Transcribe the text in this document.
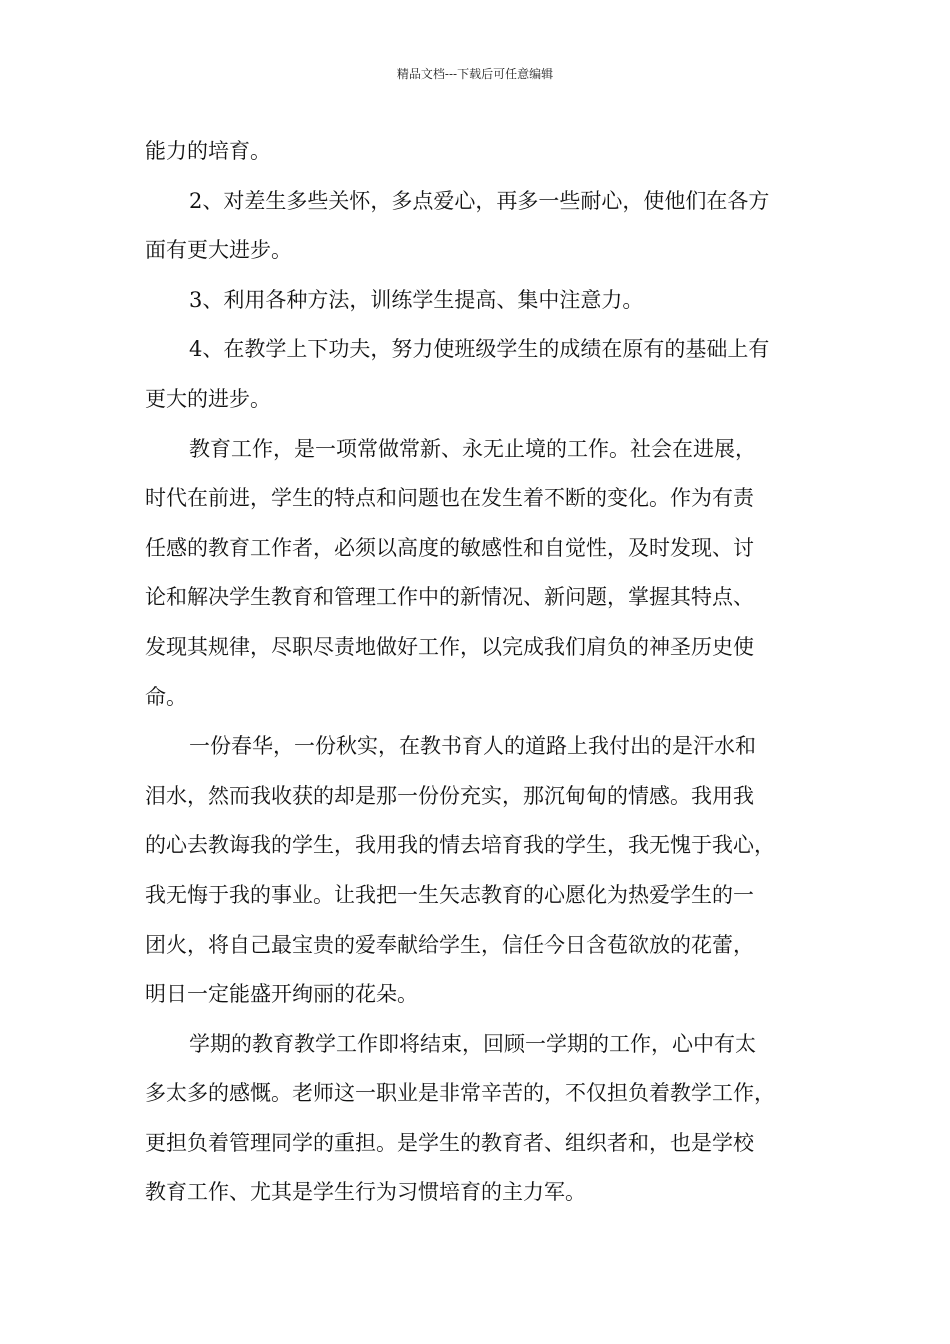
精品文档---下载后可任意编辑
能力的培育。
2、对差生多些关怀，多点爱心，再多一些耐心，使他们在各方
面有更大进步。
3、利用各种方法，训练学生提高、集中注意力。
4、在教学上下功夫，努力使班级学生的成绩在原有的基础上有
更大的进步。
教育工作，是一项常做常新、永无止境的工作。社会在进展，
时代在前进，学生的特点和问题也在发生着不断的变化。作为有责
任感的教育工作者，必须以高度的敏感性和自觉性，及时发现、讨
论和解决学生教育和管理工作中的新情况、新问题，掌握其特点、
发现其规律，尽职尽责地做好工作，以完成我们肩负的神圣历史使
命。
一份春华，一份秋实，在教书育人的道路上我付出的是汗水和
泪水，然而我收获的却是那一份份充实，那沉甸甸的情感。我用我
的心去教诲我的学生，我用我的情去培育我的学生，我无愧于我心，
我无悔于我的事业。让我把一生矢志教育的心愿化为热爱学生的一
团火，将自己最宝贵的爱奉献给学生，信任今日含苞欲放的花蕾，
明日一定能盛开绚丽的花朵。
学期的教育教学工作即将结束，回顾一学期的工作，心中有太
多太多的感慨。老师这一职业是非常辛苦的，不仅担负着教学工作，
更担负着管理同学的重担。是学生的教育者、组织者和，也是学校
教育工作、尤其是学生行为习惯培育的主力军。
